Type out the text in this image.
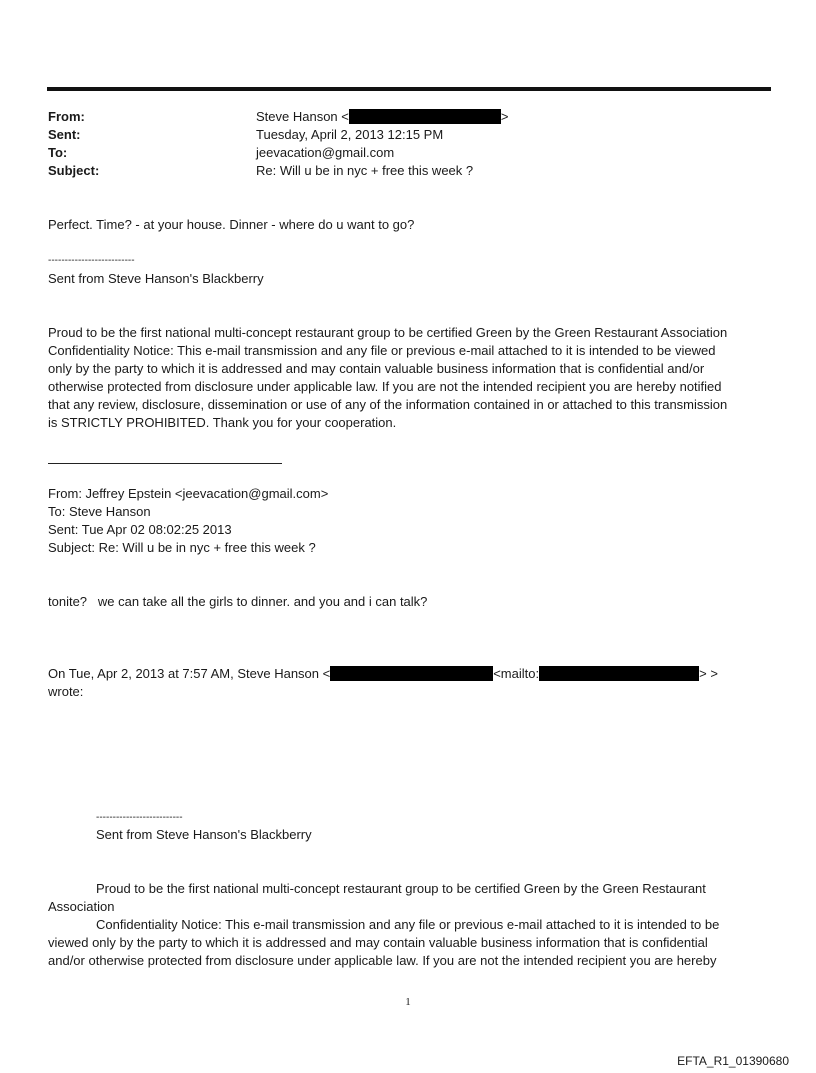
From:	Steve Hanson <	>
Sent:	Tuesday, April 2, 2013 12:15 PM
To:	jeevacation@gmail.com
Subject:	Re: Will u be in nyc + free this week ?
Perfect. Time? - at your house. Dinner - where do u want to go?
--------------------------
Sent from Steve Hanson's Blackberry
Proud to be the first national multi-concept restaurant group to be certified Green by the Green Restaurant Association
Confidentiality Notice: This e-mail transmission and any file or previous e-mail attached to it is intended to be viewed
only by the party to which it is addressed and may contain valuable business information that is confidential and/or
otherwise protected from disclosure under applicable law. If you are not the intended recipient you are hereby notified
that any review, disclosure, dissemination or use of any of the information contained in or attached to this transmission
is STRICTLY PROHIBITED. Thank you for your cooperation.
From: Jeffrey Epstein <jeevacation@gmail.com>
To: Steve Hanson
Sent: Tue Apr 02 08:02:25 2013
Subject: Re: Will u be in nyc + free this week ?
tonite?   we can take all the girls to dinner. and you and i can talk?
On Tue, Apr 2, 2013 at 7:57 AM, Steve Hanson <	<mailto:	> >
wrote:
--------------------------
Sent from Steve Hanson's Blackberry
Proud to be the first national multi-concept restaurant group to be certified Green by the Green Restaurant
Association
Confidentiality Notice: This e-mail transmission and any file or previous e-mail attached to it is intended to be
viewed only by the party to which it is addressed and may contain valuable business information that is confidential
and/or otherwise protected from disclosure under applicable law. If you are not the intended recipient you are hereby
1
EFTA_R1_01390680
